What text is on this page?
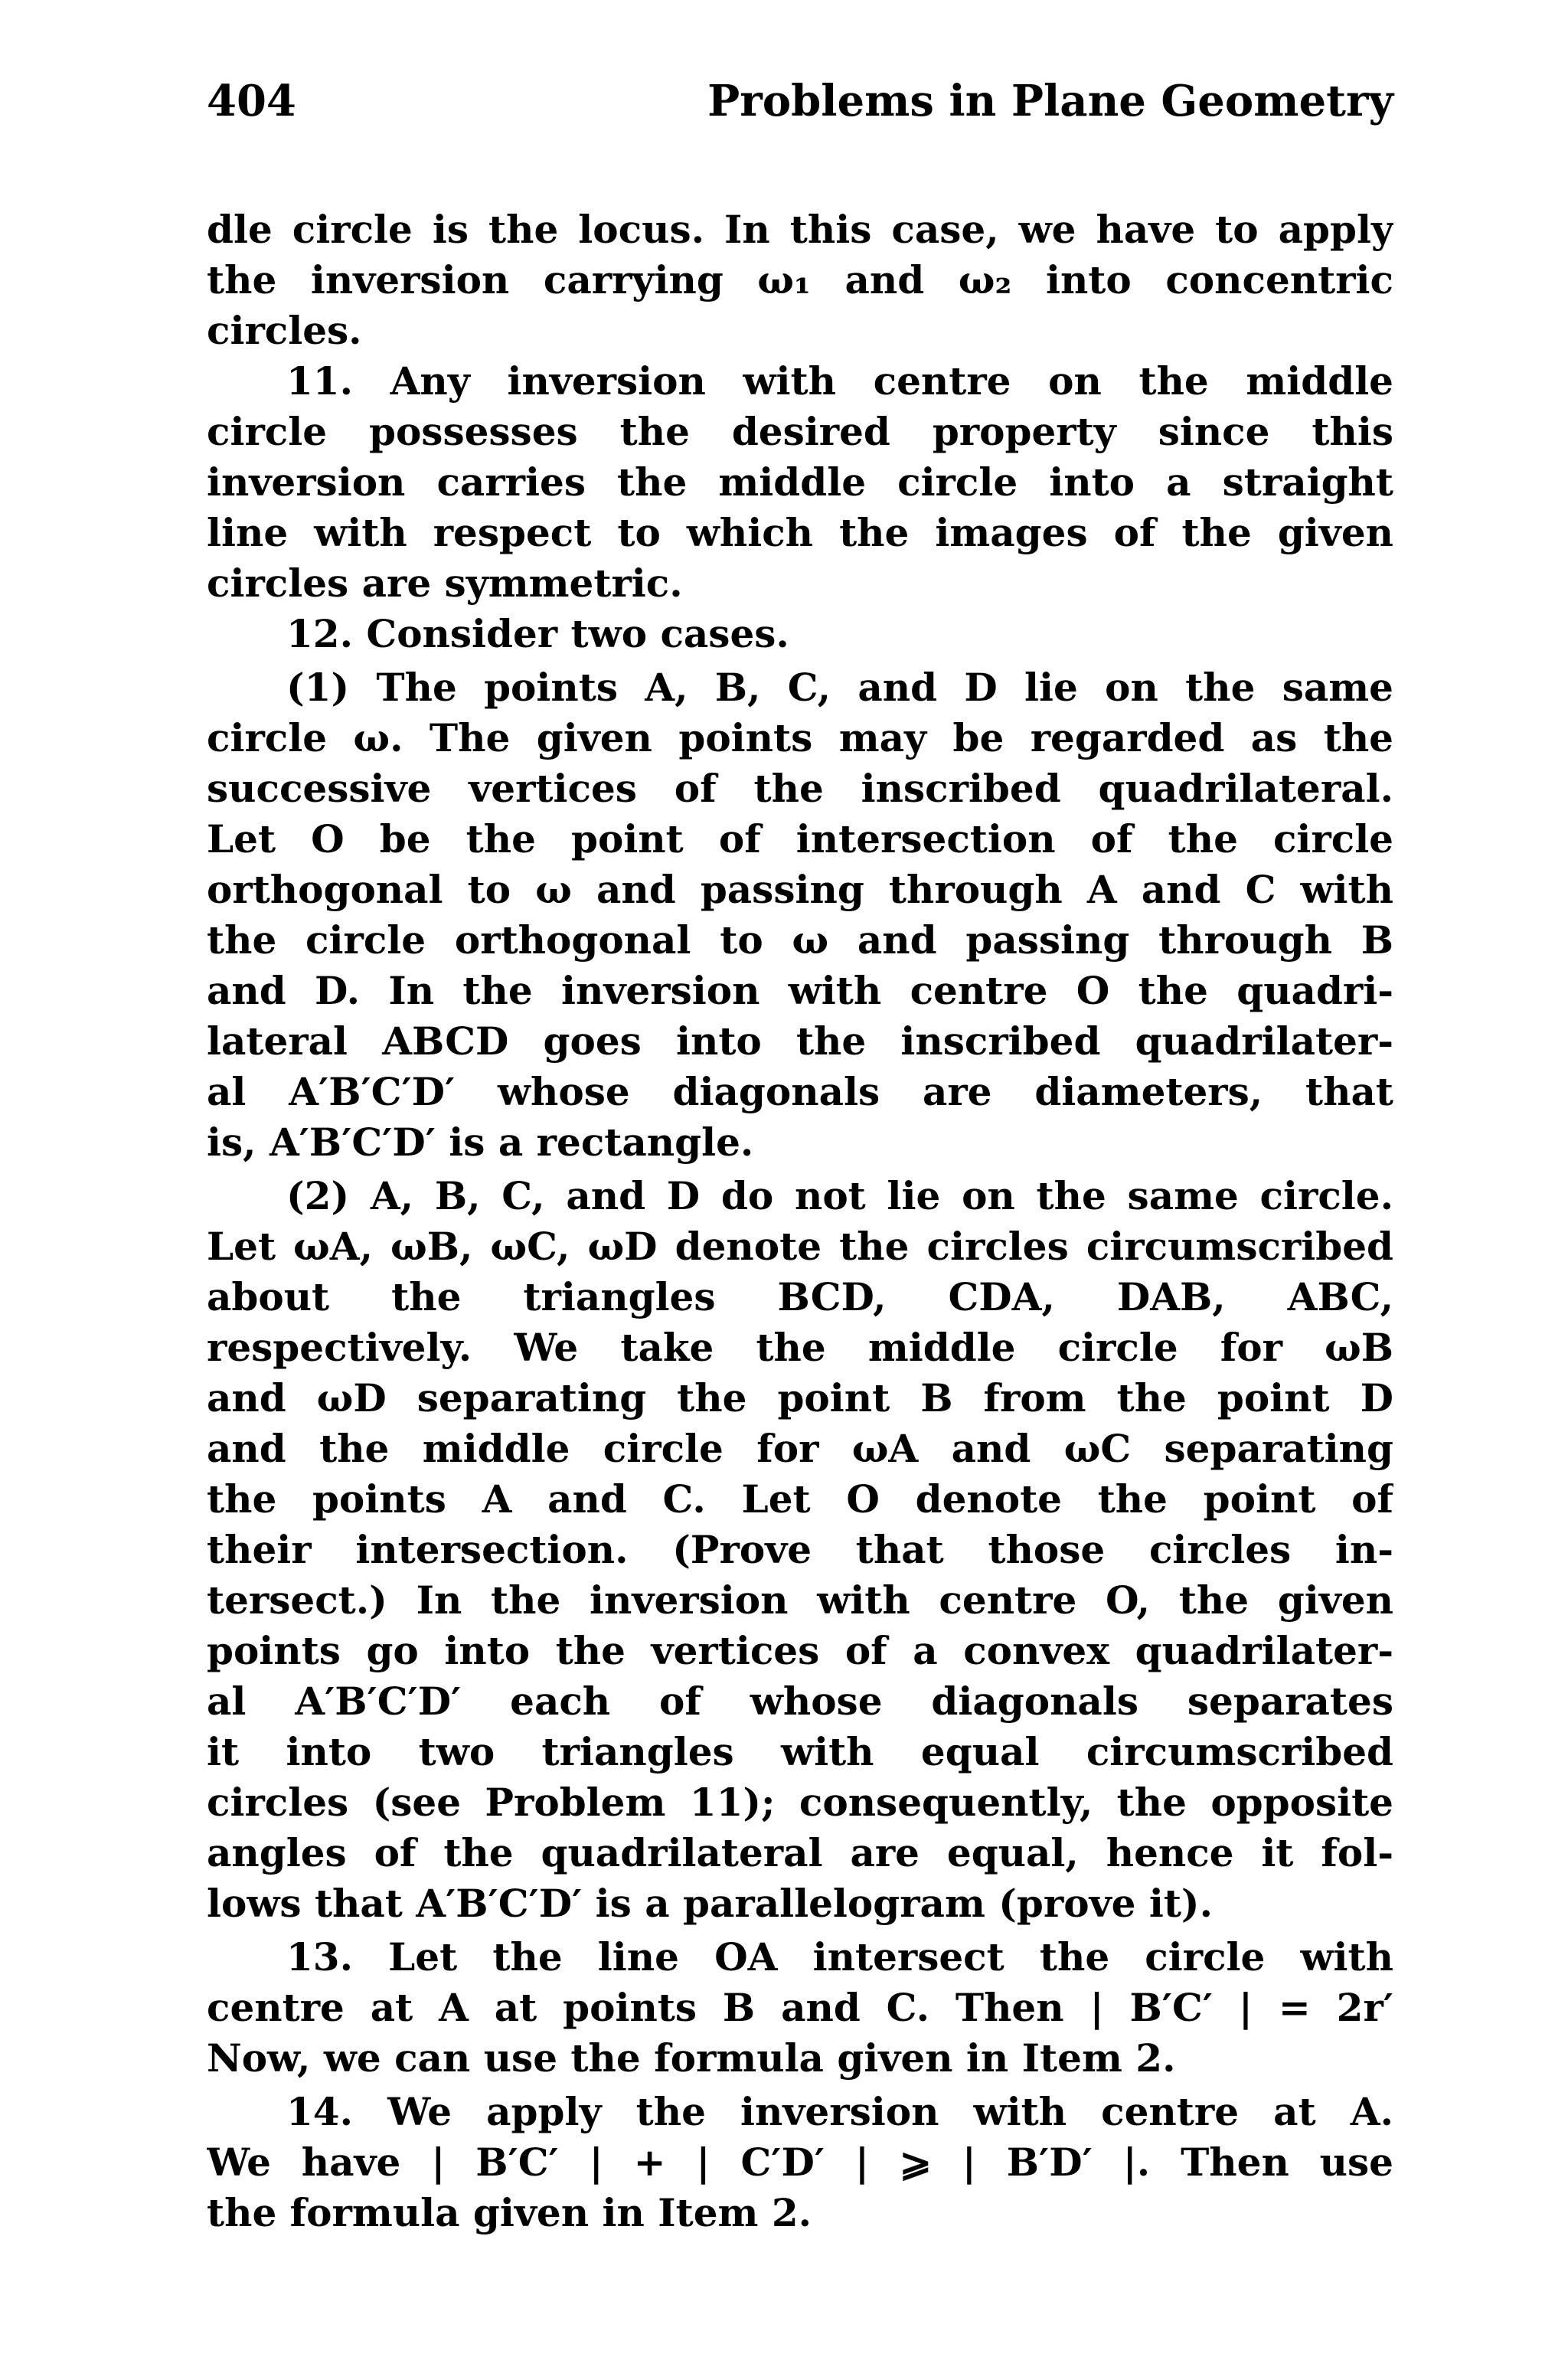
404	Problems in Plane Geometry
dle circle is the locus. In this case, we have to apply
the inversion carrying ω₁ and ω₂ into concentric
circles.
11. Any inversion with centre on the middle
circle possesses the desired property since this
inversion carries the middle circle into a straight
line with respect to which the images of the given
circles are symmetric.
12. Consider two cases.
(1) The points A, B, C, and D lie on the same
circle ω. The given points may be regarded as the
successive vertices of the inscribed quadrilateral.
Let O be the point of intersection of the circle
orthogonal to ω and passing through A and C with
the circle orthogonal to ω and passing through B
and D. In the inversion with centre O the quadri-
lateral ABCD goes into the inscribed quadrilater-
al A′B′C′D′ whose diagonals are diameters, that
is, A′B′C′D′ is a rectangle.
(2) A, B, C, and D do not lie on the same circle.
Let ωA, ωB, ωC, ωD denote the circles circumscribed
about the triangles BCD, CDA, DAB, ABC,
respectively. We take the middle circle for ωB
and ωD separating the point B from the point D
and the middle circle for ωA and ωC separating
the points A and C. Let O denote the point of
their intersection. (Prove that those circles in-
tersect.) In the inversion with centre O, the given
points go into the vertices of a convex quadrilater-
al A′B′C′D′ each of whose diagonals separates
it into two triangles with equal circumscribed
circles (see Problem 11); consequently, the opposite
angles of the quadrilateral are equal, hence it fol-
lows that A′B′C′D′ is a parallelogram (prove it).
13. Let the line OA intersect the circle with
centre at A at points B and C. Then | B′C′ | = 2r′
Now, we can use the formula given in Item 2.
14. We apply the inversion with centre at A.
We have | B′C′ | + | C′D′ | ⩾ | B′D′ |. Then use
the formula given in Item 2.
